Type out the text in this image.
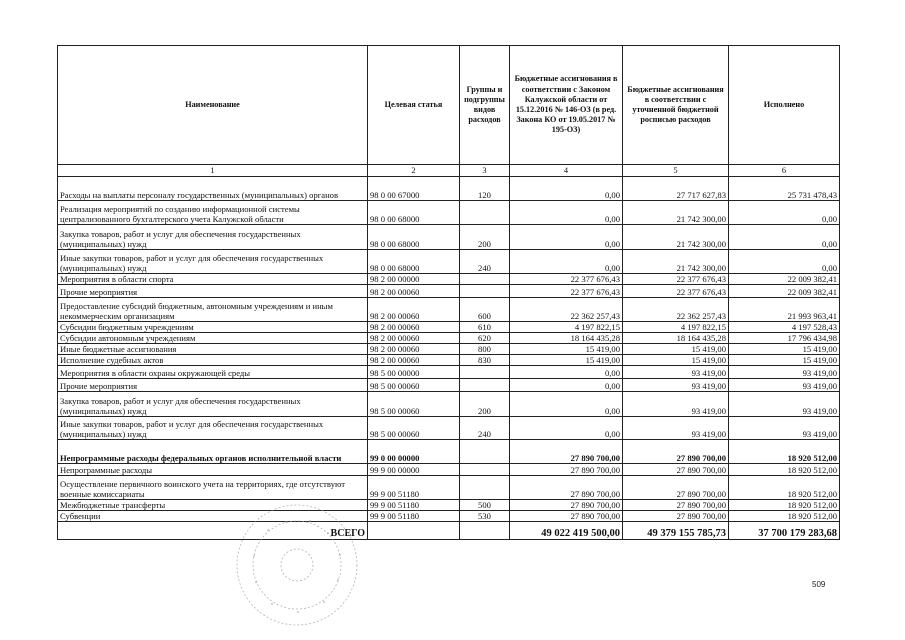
Наименование	Целевая статья	Группы и подгруппы видов расходов	Бюджетные ассигнования в соответствии с Законом Калужской области от 15.12.2016 № 146-ОЗ (в ред. Закона КО от 19.05.2017 № 195-ОЗ)	Бюджетные ассигнования в соответствии с уточненной бюджетной росписью расходов	Исполнено
1	2	3	4	5	6
Расходы на выплаты персоналу государственных (муниципальных) органов	98 0 00 67000	120	0,00	27 717 627,83	25 731 478,43
Реализация мероприятий по созданию информационной системы централизованного бухгалтерского учета Калужской области	98 0 00 68000		0,00	21 742 300,00	0,00
Закупка товаров, работ и услуг для обеспечения государственных (муниципальных) нужд	98 0 00 68000	200	0,00	21 742 300,00	0,00
Иные закупки товаров, работ и услуг для обеспечения государственных (муниципальных) нужд	98 0 00 68000	240	0,00	21 742 300,00	0,00
Мероприятия в области спорта	98 2 00 00000		22 377 676,43	22 377 676,43	22 009 382,41
Прочие мероприятия	98 2 00 00060		22 377 676,43	22 377 676,43	22 009 382,41
Предоставление субсидий бюджетным, автономным учреждениям и иным некоммерческим организациям	98 2 00 00060	600	22 362 257,43	22 362 257,43	21 993 963,41
Субсидии бюджетным учреждениям	98 2 00 00060	610	4 197 822,15	4 197 822,15	4 197 528,43
Субсидии автономным учреждениям	98 2 00 00060	620	18 164 435,28	18 164 435,28	17 796 434,98
Иные бюджетные ассигнования	98 2 00 00060	800	15 419,00	15 419,00	15 419,00
Исполнение судебных актов	98 2 00 00060	830	15 419,00	15 419,00	15 419,00
Мероприятия в области охраны окружающей среды	98 5 00 00000		0,00	93 419,00	93 419,00
Прочие мероприятия	98 5 00 00060		0,00	93 419,00	93 419,00
Закупка товаров, работ и услуг для обеспечения государственных (муниципальных) нужд	98 5 00 00060	200	0,00	93 419,00	93 419,00
Иные закупки товаров, работ и услуг для обеспечения государственных (муниципальных) нужд	98 5 00 00060	240	0,00	93 419,00	93 419,00
Непрограммные расходы федеральных органов исполнительной власти	99 0 00 00000		27 890 700,00	27 890 700,00	18 920 512,00
Непрограммные расходы	99 9 00 00000		27 890 700,00	27 890 700,00	18 920 512,00
Осуществление первичного воинского учета на территориях, где отсутствуют военные комиссариаты	99 9 00 51180		27 890 700,00	27 890 700,00	18 920 512,00
Межбюджетные трансферты	99 9 00 51180	500	27 890 700,00	27 890 700,00	18 920 512,00
Субвенции	99 9 00 51180	530	27 890 700,00	27 890 700,00	18 920 512,00
ВСЕГО			49 022 419 500,00	49 379 155 785,73	37 700 179 283,68
509
